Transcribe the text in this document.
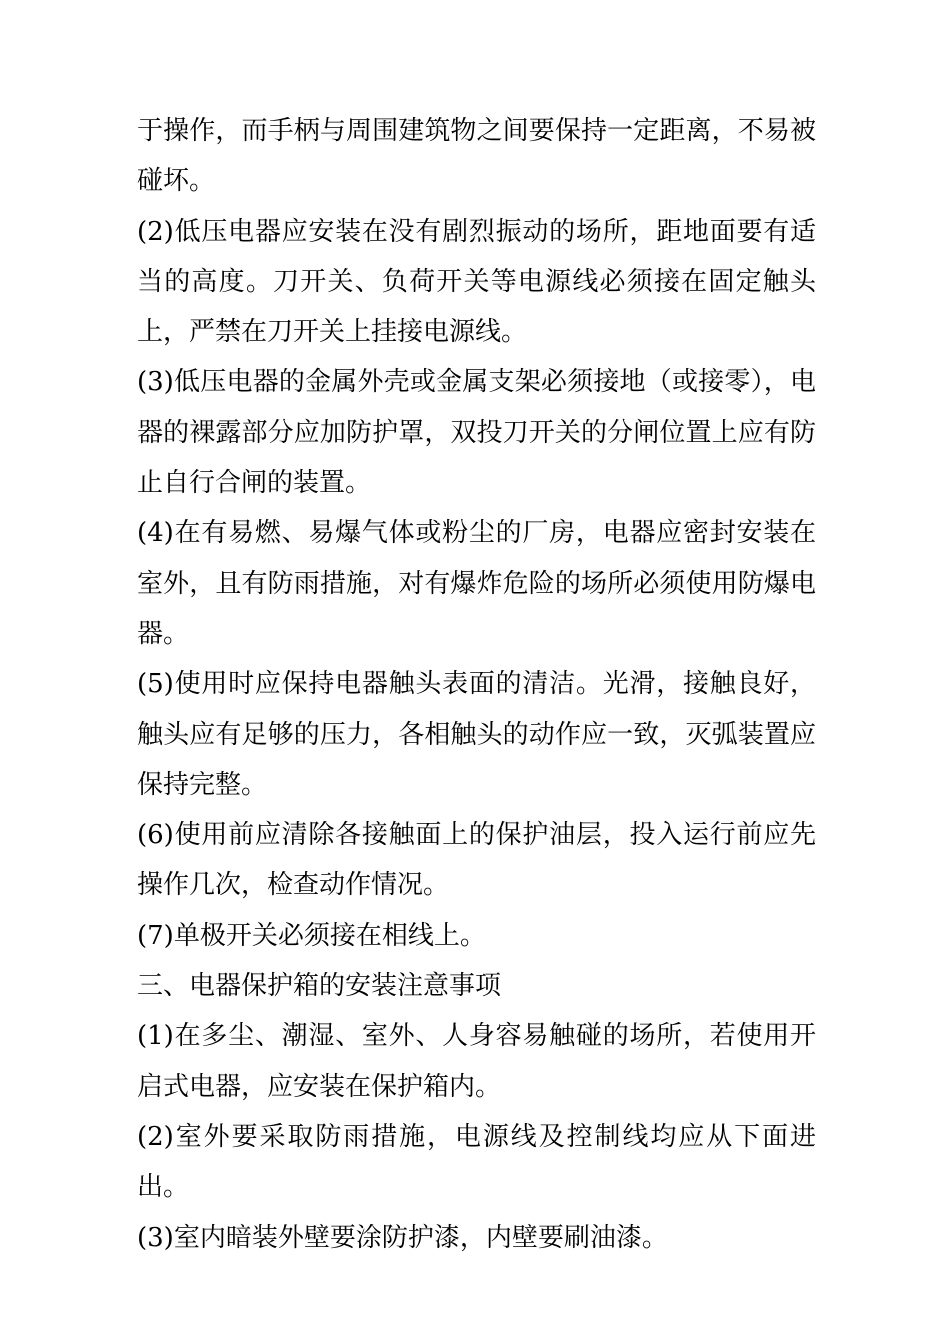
于操作，而手柄与周围建筑物之间要保持一定距离，不易被碰坏。

(2)低压电器应安装在没有剧烈振动的场所，距地面要有适当的高度。刀开关、负荷开关等电源线必须接在固定触头上，严禁在刀开关上挂接电源线。

(3)低压电器的金属外壳或金属支架必须接地（或接零），电器的裸露部分应加防护罩，双投刀开关的分闸位置上应有防止自行合闸的装置。

(4)在有易燃、易爆气体或粉尘的厂房，电器应密封安装在室外，且有防雨措施，对有爆炸危险的场所必须使用防爆电器。

(5)使用时应保持电器触头表面的清洁。光滑，接触良好，触头应有足够的压力，各相触头的动作应一致，灭弧装置应保持完整。

(6)使用前应清除各接触面上的保护油层，投入运行前应先操作几次，检查动作情况。

(7)单极开关必须接在相线上。

三、电器保护箱的安装注意事项

(1)在多尘、潮湿、室外、人身容易触碰的场所，若使用开启式电器，应安装在保护箱内。

(2)室外要采取防雨措施，电源线及控制线均应从下面进出。

(3)室内暗装外壁要涂防护漆，内壁要刷油漆。
